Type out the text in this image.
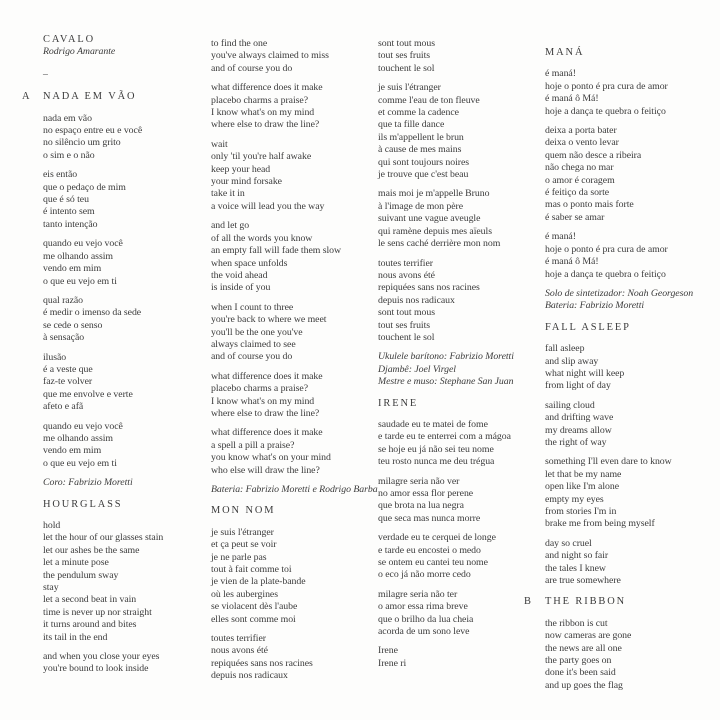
CAVALO
Rodrigo Amarante
–
A NADA EM VÃO
nada em vão
no espaço entre eu e você
no silêncio um grito
o sim e o não
eis então
que o pedaço de mim
que é só teu
é intento sem
tanto intenção
quando eu vejo você
me olhando assim
vendo em mim
o que eu vejo em ti
qual razão
é medir o imenso da sede
se cede o senso
à sensação
ilusão
é a veste que
faz-te volver
que me envolve e verte
afeto e afã
quando eu vejo você
me olhando assim
vendo em mim
o que eu vejo em ti
Coro: Fabrizio Moretti
HOURGLASS
hold
let the hour of our glasses stain
let our ashes be the same
let a minute pose
the pendulum sway
stay
let a second beat in vain
time is never up nor straight
it turns around and bites
its tail in the end
and when you close your eyes
you're bound to look inside
to find the one
you've always claimed to miss
and of course you do
what difference does it make
placebo charms a praise?
I know what's on my mind
where else to draw the line?
wait
only 'til you're half awake
keep your head
your mind forsake
take it in
a voice will lead you the way
and let go
of all the words you know
an empty fall will fade them slow
when space unfolds
the void ahead
is inside of you
when I count to three
you're back to where we meet
you'll be the one you've
always claimed to see
and of course you do
what difference does it make
placebo charms a praise?
I know what's on my mind
where else to draw the line?
what difference does it make
a spell a pill a praise?
you know what's on your mind
who else will draw the line?
Bateria: Fabrizio Moretti e Rodrigo Barba
MON NOM
je suis l'étranger
et ça peut se voir
je ne parle pas
tout à fait comme toi
je vien de la plate-bande
où les aubergines
se violacent dès l'aube
elles sont comme moi
toutes terrifier
nous avons été
repiquées sans nos racines
depuis nos radicaux
sont tout mous
tout ses fruits
touchent le sol
je suis l'étranger
comme l'eau de ton fleuve
et comme la cadence
que ta fille dance
ils m'appellent le brun
à cause de mes mains
qui sont toujours noires
je trouve que c'est beau
mais moi je m'appelle Bruno
à l'image de mon père
suivant une vague aveugle
qui ramène depuis mes aïeuls
le sens caché derrière mon nom
toutes terrifier
nous avons été
repiquées sans nos racines
depuis nos radicaux
sont tout mous
tout ses fruits
touchent le sol
Ukulele barítono: Fabrizio Moretti
Djambê: Joel Virgel
Mestre e muso: Stephane San Juan
IRENE
saudade eu te matei de fome
e tarde eu te enterrei com a mágoa
se hoje eu já não sei teu nome
teu rosto nunca me deu trégua
milagre seria não ver
no amor essa flor perene
que brota na lua negra
que seca mas nunca morre
verdade eu te cerquei de longe
e tarde eu encostei o medo
se ontem eu cantei teu nome
o eco já não morre cedo
milagre seria não ter
o amor essa rima breve
que o brilho da lua cheia
acorda de um sono leve
Irene
Irene ri
MANÁ
é maná!
hoje o ponto é pra cura de amor
é maná ô Má!
hoje a dança te quebra o feitiço
deixa a porta bater
deixa o vento levar
quem não desce a ribeira
não chega no mar
o amor é coragem
é feitiço da sorte
mas o ponto mais forte
é saber se amar
é maná!
hoje o ponto é pra cura de amor
é maná ô Má!
hoje a dança te quebra o feitiço
Solo de sintetizador: Noah Georgeson
Bateria: Fabrizio Moretti
FALL ASLEEP
fall asleep
and slip away
what night will keep
from light of day
sailing cloud
and drifting wave
my dreams allow
the right of way
something I'll even dare to know
let that be my name
open like I'm alone
empty my eyes
from stories I'm in
brake me from being myself
day so cruel
and night so fair
the tales I knew
are true somewhere
B THE RIBBON
the ribbon is cut
now cameras are gone
the news are all one
the party goes on
done it's been said
and up goes the flag
